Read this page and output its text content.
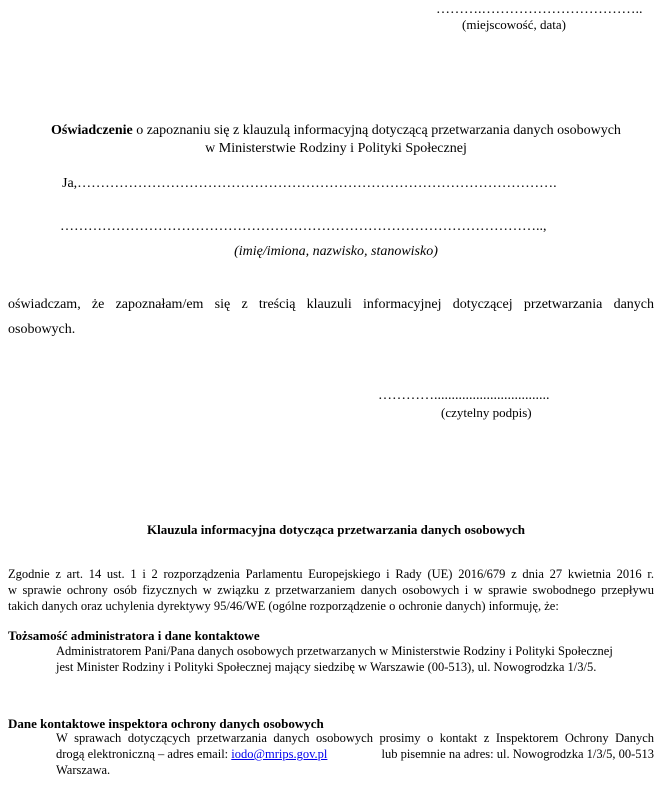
……….……………………………..
(miejscowość, data)
Oświadczenie o zapoznaniu się z klauzulą informacyjną dotyczącą przetwarzania danych osobowych
w Ministerstwie Rodziny i Polityki Społecznej
Ja,………………………………………………………………………………………….
…………………………………………………………………………………………..,
(imię/imiona, nazwisko, stanowisko)
oświadczam, że zapoznałam/em się z treścią klauzuli informacyjnej dotyczącej przetwarzania danych
osobowych.
………….................................
(czytelny podpis)
Klauzula informacyjna dotycząca przetwarzania danych osobowych
Zgodnie z art. 14 ust. 1 i 2 rozporządzenia Parlamentu Europejskiego i Rady (UE) 2016/679 z dnia 27 kwietnia 2016 r.
w sprawie ochrony osób fizycznych w związku z przetwarzaniem danych osobowych i w sprawie swobodnego przepływu
takich danych oraz uchylenia dyrektywy 95/46/WE (ogólne rozporządzenie o ochronie danych) informuję, że:
Tożsamość administratora i dane kontaktowe
Administratorem Pani/Pana danych osobowych przetwarzanych w Ministerstwie Rodziny i Polityki Społecznej
jest Minister Rodziny i Polityki Społecznej mający siedzibę w Warszawie (00-513), ul. Nowogrodzka 1/3/5.
Dane kontaktowe inspektora ochrony danych osobowych
W sprawach dotyczących przetwarzania danych osobowych prosimy o kontakt z Inspektorem Ochrony Danych
drogą elektroniczną – adres email: iodo@mrips.gov.pl	lub pisemnie na adres: ul. Nowogrodzka 1/3/5, 00-513
Warszawa.
